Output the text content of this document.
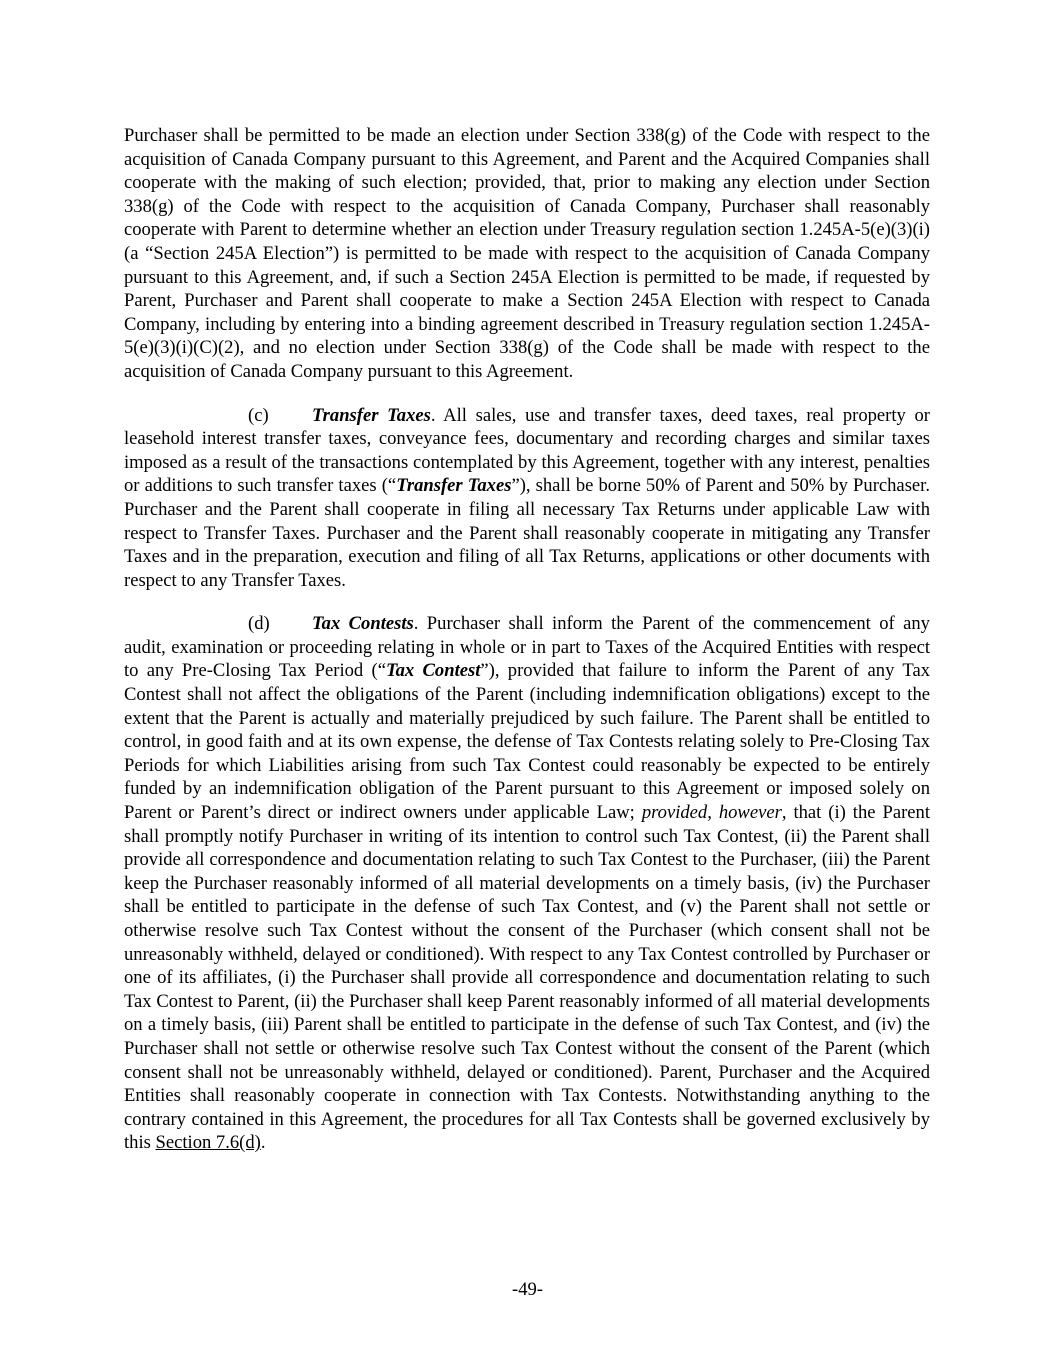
Purchaser shall be permitted to be made an election under Section 338(g) of the Code with respect to the acquisition of Canada Company pursuant to this Agreement, and Parent and the Acquired Companies shall cooperate with the making of such election; provided, that, prior to making any election under Section 338(g) of the Code with respect to the acquisition of Canada Company, Purchaser shall reasonably cooperate with Parent to determine whether an election under Treasury regulation section 1.245A-5(e)(3)(i) (a “Section 245A Election”) is permitted to be made with respect to the acquisition of Canada Company pursuant to this Agreement, and, if such a Section 245A Election is permitted to be made, if requested by Parent, Purchaser and Parent shall cooperate to make a Section 245A Election with respect to Canada Company, including by entering into a binding agreement described in Treasury regulation section 1.245A-5(e)(3)(i)(C)(2), and no election under Section 338(g) of the Code shall be made with respect to the acquisition of Canada Company pursuant to this Agreement.

(c) Transfer Taxes. All sales, use and transfer taxes, deed taxes, real property or leasehold interest transfer taxes, conveyance fees, documentary and recording charges and similar taxes imposed as a result of the transactions contemplated by this Agreement, together with any interest, penalties or additions to such transfer taxes (“Transfer Taxes”), shall be borne 50% of Parent and 50% by Purchaser. Purchaser and the Parent shall cooperate in filing all necessary Tax Returns under applicable Law with respect to Transfer Taxes. Purchaser and the Parent shall reasonably cooperate in mitigating any Transfer Taxes and in the preparation, execution and filing of all Tax Returns, applications or other documents with respect to any Transfer Taxes.

(d) Tax Contests. Purchaser shall inform the Parent of the commencement of any audit, examination or proceeding relating in whole or in part to Taxes of the Acquired Entities with respect to any Pre-Closing Tax Period (“Tax Contest”), provided that failure to inform the Parent of any Tax Contest shall not affect the obligations of the Parent (including indemnification obligations) except to the extent that the Parent is actually and materially prejudiced by such failure. The Parent shall be entitled to control, in good faith and at its own expense, the defense of Tax Contests relating solely to Pre-Closing Tax Periods for which Liabilities arising from such Tax Contest could reasonably be expected to be entirely funded by an indemnification obligation of the Parent pursuant to this Agreement or imposed solely on Parent or Parent’s direct or indirect owners under applicable Law; provided, however, that (i) the Parent shall promptly notify Purchaser in writing of its intention to control such Tax Contest, (ii) the Parent shall provide all correspondence and documentation relating to such Tax Contest to the Purchaser, (iii) the Parent keep the Purchaser reasonably informed of all material developments on a timely basis, (iv) the Purchaser shall be entitled to participate in the defense of such Tax Contest, and (v) the Parent shall not settle or otherwise resolve such Tax Contest without the consent of the Purchaser (which consent shall not be unreasonably withheld, delayed or conditioned). With respect to any Tax Contest controlled by Purchaser or one of its affiliates, (i) the Purchaser shall provide all correspondence and documentation relating to such Tax Contest to Parent, (ii) the Purchaser shall keep Parent reasonably informed of all material developments on a timely basis, (iii) Parent shall be entitled to participate in the defense of such Tax Contest, and (iv) the Purchaser shall not settle or otherwise resolve such Tax Contest without the consent of the Parent (which consent shall not be unreasonably withheld, delayed or conditioned). Parent, Purchaser and the Acquired Entities shall reasonably cooperate in connection with Tax Contests. Notwithstanding anything to the contrary contained in this Agreement, the procedures for all Tax Contests shall be governed exclusively by this Section 7.6(d).

-49-
